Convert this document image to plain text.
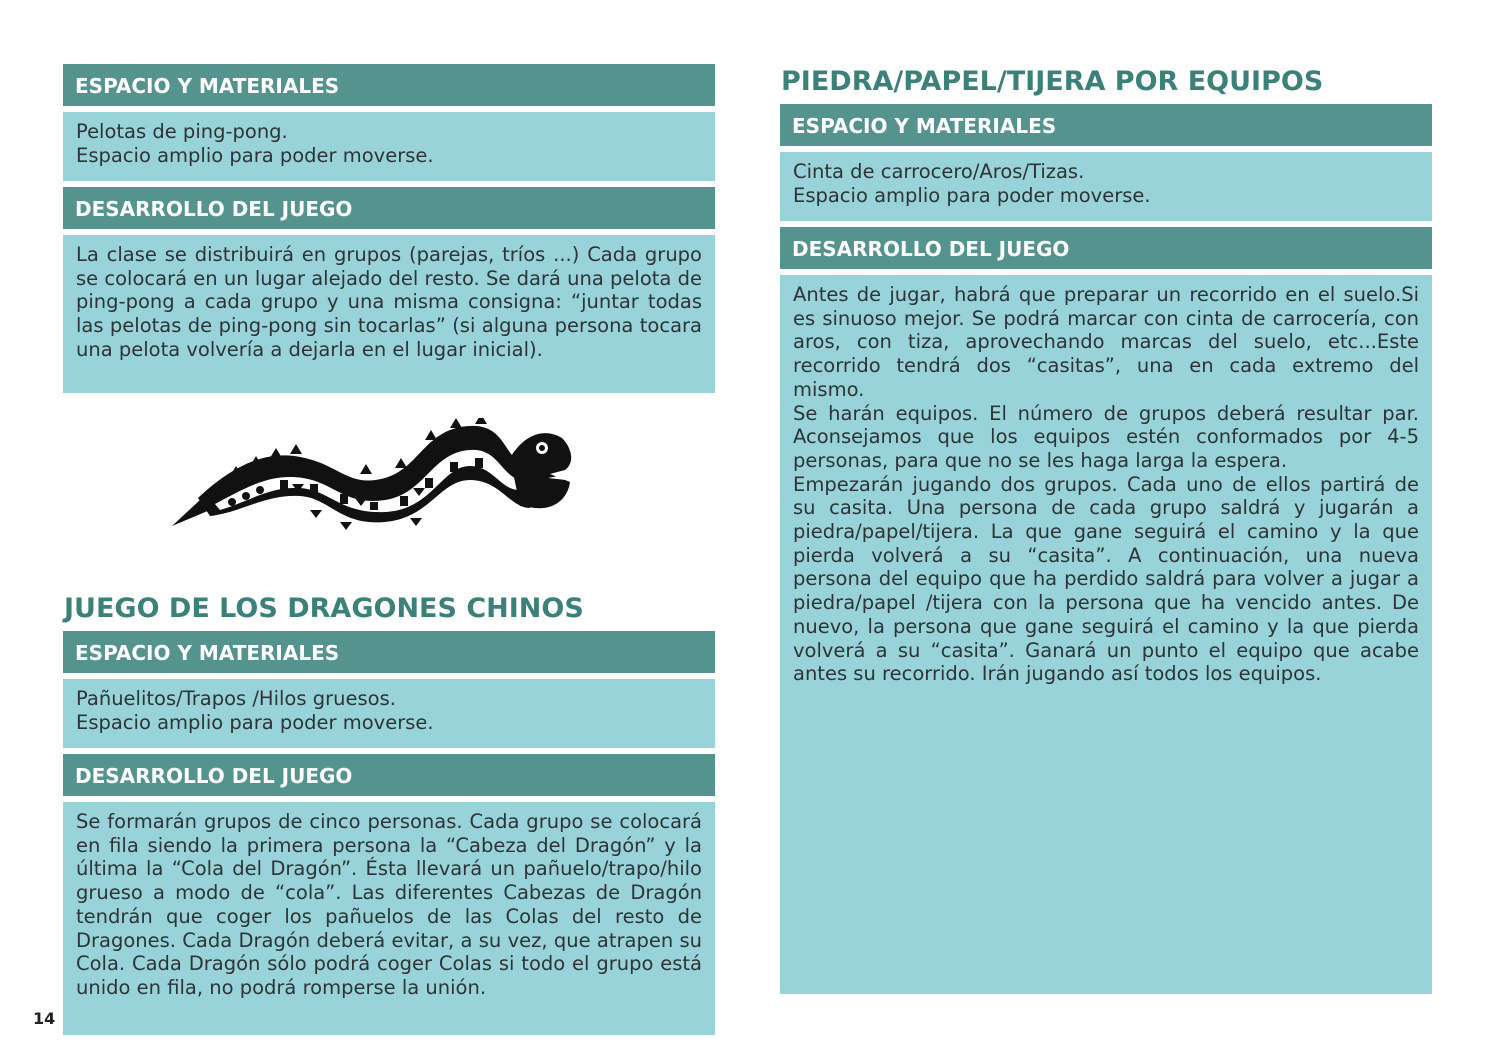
ESPACIO Y MATERIALES

Pelotas de ping-pong.

Espacio amplio para poder moverse.

DESARROLLO DEL JUEGO

La clase se distribuirá en grupos (parejas, tríos ...) Cada grupo se colocará en un lugar alejado del resto. Se dará una pelota de ping-pong a cada grupo y una misma consigna: “juntar todas las pelotas de ping-pong sin tocarlas” (si alguna persona tocara una pelota volvería a dejarla en el lugar inicial).

JUEGO DE LOS DRAGONES CHINOS
ESPACIO Y MATERIALES

Pañuelitos/Trapos /Hilos gruesos.

Espacio amplio para poder moverse.

DESARROLLO DEL JUEGO

Se formarán grupos de cinco personas. Cada grupo se colocará en fila siendo la primera persona la “Cabeza del Dragón” y la última la “Cola del Dragón”. Ésta llevará un pañuelo/trapo/hilo grueso a modo de “cola”. Las diferentes Cabezas de Dragón tendrán que coger los pañuelos de las Colas del resto de Dragones. Cada Dragón deberá evitar, a su vez, que atrapen su Cola. Cada Dragón sólo podrá coger Colas si todo el grupo está unido en fila, no podrá romperse la unión.

PIEDRA/PAPEL/TIJERA POR EQUIPOS
ESPACIO Y MATERIALES

Cinta de carrocero/Aros/Tizas.

Espacio amplio para poder moverse.

DESARROLLO DEL JUEGO

Antes de jugar, habrá que preparar un recorrido en el suelo.Si es sinuoso mejor. Se podrá marcar con cinta de carrocería, con aros, con tiza, aprovechando marcas del suelo, etc...Este recorrido tendrá dos “casitas”, una en cada extremo del mismo.

Se harán equipos. El número de grupos deberá resultar par. Aconsejamos que los equipos estén conformados por 4-5 personas, para que no se les haga larga la espera.

Empezarán jugando dos grupos. Cada uno de ellos partirá de su casita. Una persona de cada grupo saldrá y jugarán a piedra/papel/tijera. La que gane seguirá el camino y la que pierda volverá a su “casita”. A continuación, una nueva persona del equipo que ha perdido saldrá para volver a jugar a piedra/papel /tijera con la persona que ha vencido antes. De nuevo, la persona que gane seguirá el camino y la que pierda volverá a su “casita”. Ganará un punto el equipo que acabe antes su recorrido. Irán jugando así todos los equipos.

14
